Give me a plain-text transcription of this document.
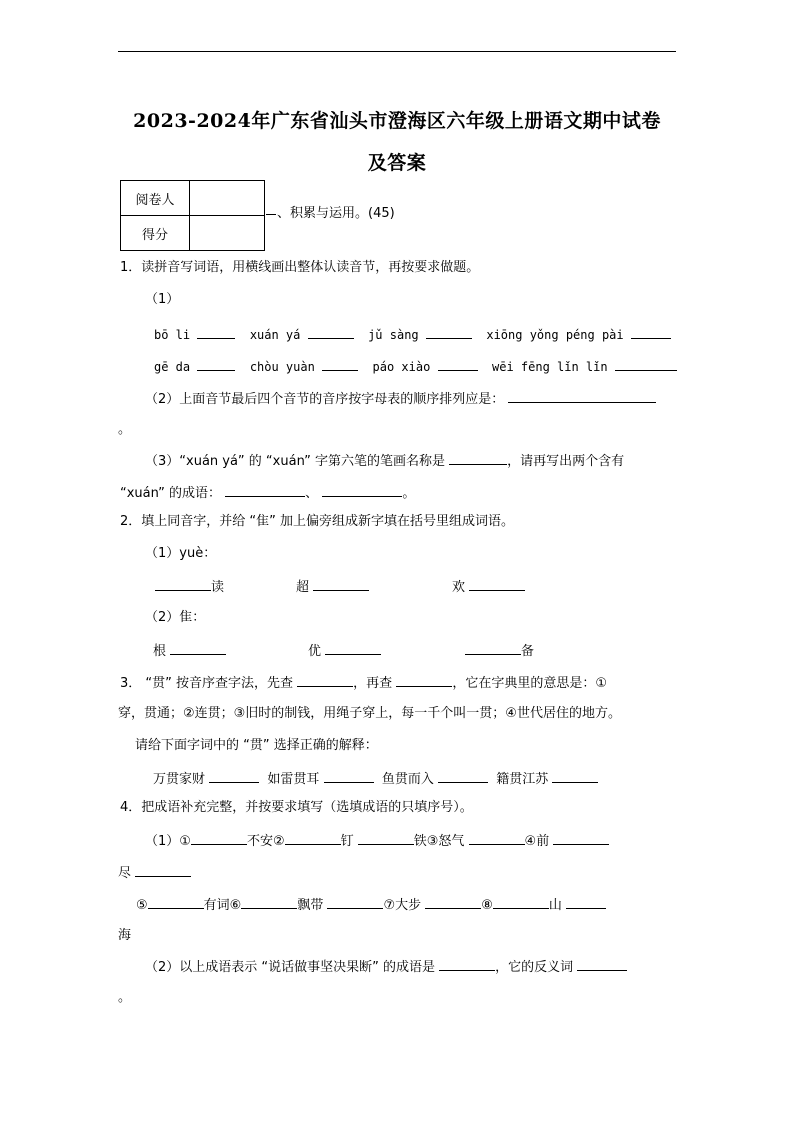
2023-2024年广东省汕头市澄海区六年级上册语文期中试卷
及答案
阅卷人	
得分	
、积累与运用。(45)
1．读拼音写词语，用横线画出整体认读音节，再按要求做题。
（1）
bō li	xuán yá	jǔ sàng	xiōng yǒng péng pài
gē da	chòu yuàn	páo xiào	wēi fēng lǐn lǐn
（2）上面音节最后四个音节的音序按字母表的顺序排列应是：
。
（3）“xuán yá” 的 “xuán” 字第六笔的笔画名称是	，请再写出两个含有
“xuán” 的成语：	、	。
2．填上同音字，并给 “隹” 加上偏旁组成新字填在括号里组成词语。
（1）yuè：
读	超	欢
（2）隹：
根	优	备
3． “贯” 按音序查字法，先查	，再查	，它在字典里的意思是：①
穿，贯通；②连贯；③旧时的制钱，用绳子穿上，每一千个叫一贯；④世代居住的地方。
请给下面字词中的 “贯” 选择正确的解释：
万贯家财	如雷贯耳	鱼贯而入	籍贯江苏
4．把成语补充完整，并按要求填写（选填成语的只填序号）。
（1）①	不安②	钉	铁③怒气	④前
尽
⑤	有词⑥	飘带	⑦大步	⑧	山
海
（2）以上成语表示 “说话做事坚决果断” 的成语是	，它的反义词
。
